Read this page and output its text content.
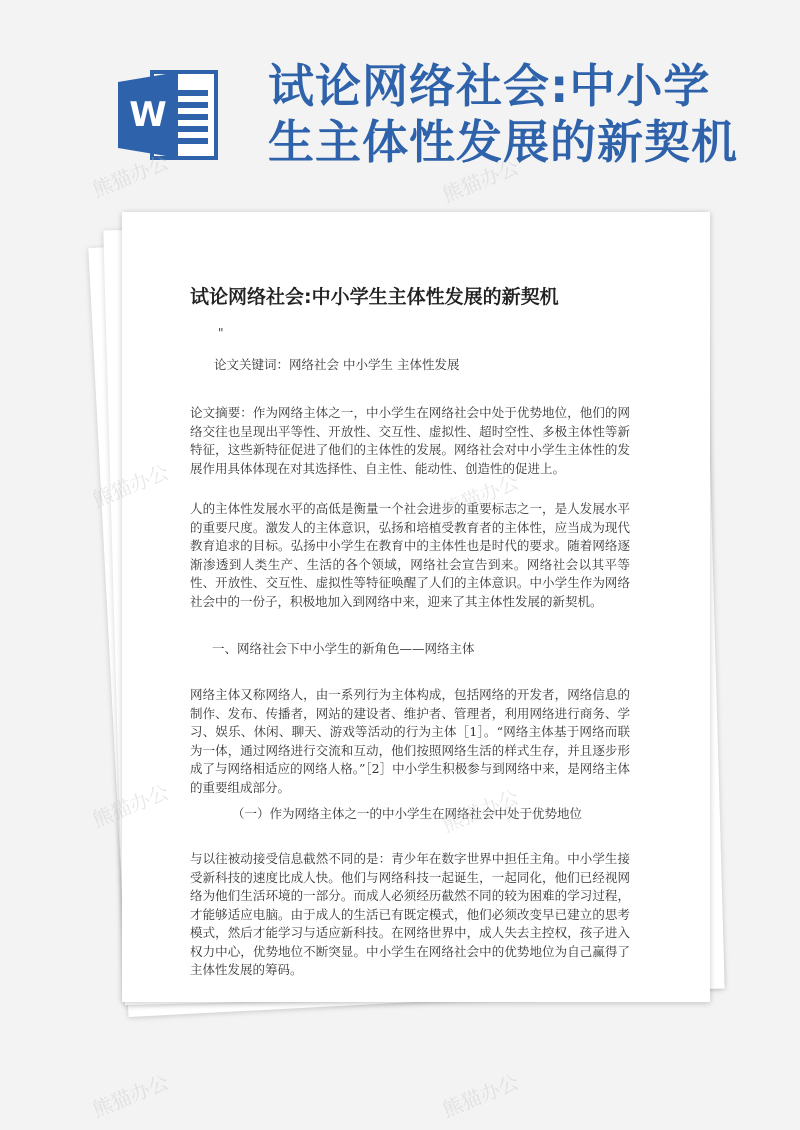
W
试论网络社会:中小学生主体性发展的新契机
试论网络社会:中小学生主体性发展的新契机
"

论文关键词：网络社会 中小学生 主体性发展

论文摘要：作为网络主体之一，中小学生在网络社会中处于优势地位，他们的网络交往也呈现出平等性、开放性、交互性、虚拟性、超时空性、多极主体性等新特征，这些新特征促进了他们的主体性的发展。网络社会对中小学生主体性的发展作用具体体现在对其选择性、自主性、能动性、创造性的促进上。

人的主体性发展水平的高低是衡量一个社会进步的重要标志之一，是人发展水平的重要尺度。激发人的主体意识，弘扬和培植受教育者的主体性，应当成为现代教育追求的目标。弘扬中小学生在教育中的主体性也是时代的要求。随着网络逐渐渗透到人类生产、生活的各个领域，网络社会宣告到来。网络社会以其平等性、开放性、交互性、虚拟性等特征唤醒了人们的主体意识。中小学生作为网络社会中的一份子，积极地加入到网络中来，迎来了其主体性发展的新契机。

一、网络社会下中小学生的新角色——网络主体

网络主体又称网络人，由一系列行为主体构成，包括网络的开发者，网络信息的制作、发布、传播者，网站的建设者、维护者、管理者，利用网络进行商务、学习、娱乐、休闲、聊天、游戏等活动的行为主体［1］。“网络主体基于网络而联为一体，通过网络进行交流和互动，他们按照网络生活的样式生存，并且逐步形成了与网络相适应的网络人格。”［2］中小学生积极参与到网络中来，是网络主体的重要组成部分。

（一）作为网络主体之一的中小学生在网络社会中处于优势地位

与以往被动接受信息截然不同的是：青少年在数字世界中担任主角。中小学生接受新科技的速度比成人快。他们与网络科技一起诞生，一起同化，他们已经视网络为他们生活环境的一部分。而成人必须经历截然不同的较为困难的学习过程，才能够适应电脑。由于成人的生活已有既定模式，他们必须改变早已建立的思考模式，然后才能学习与适应新科技。在网络世界中，成人失去主控权，孩子进入权力中心，优势地位不断突显。中小学生在网络社会中的优势地位为自己赢得了主体性发展的筹码。

熊猫办公	熊猫办公
熊猫办公	熊猫办公
熊猫办公	熊猫办公
熊猫办公	熊猫办公
